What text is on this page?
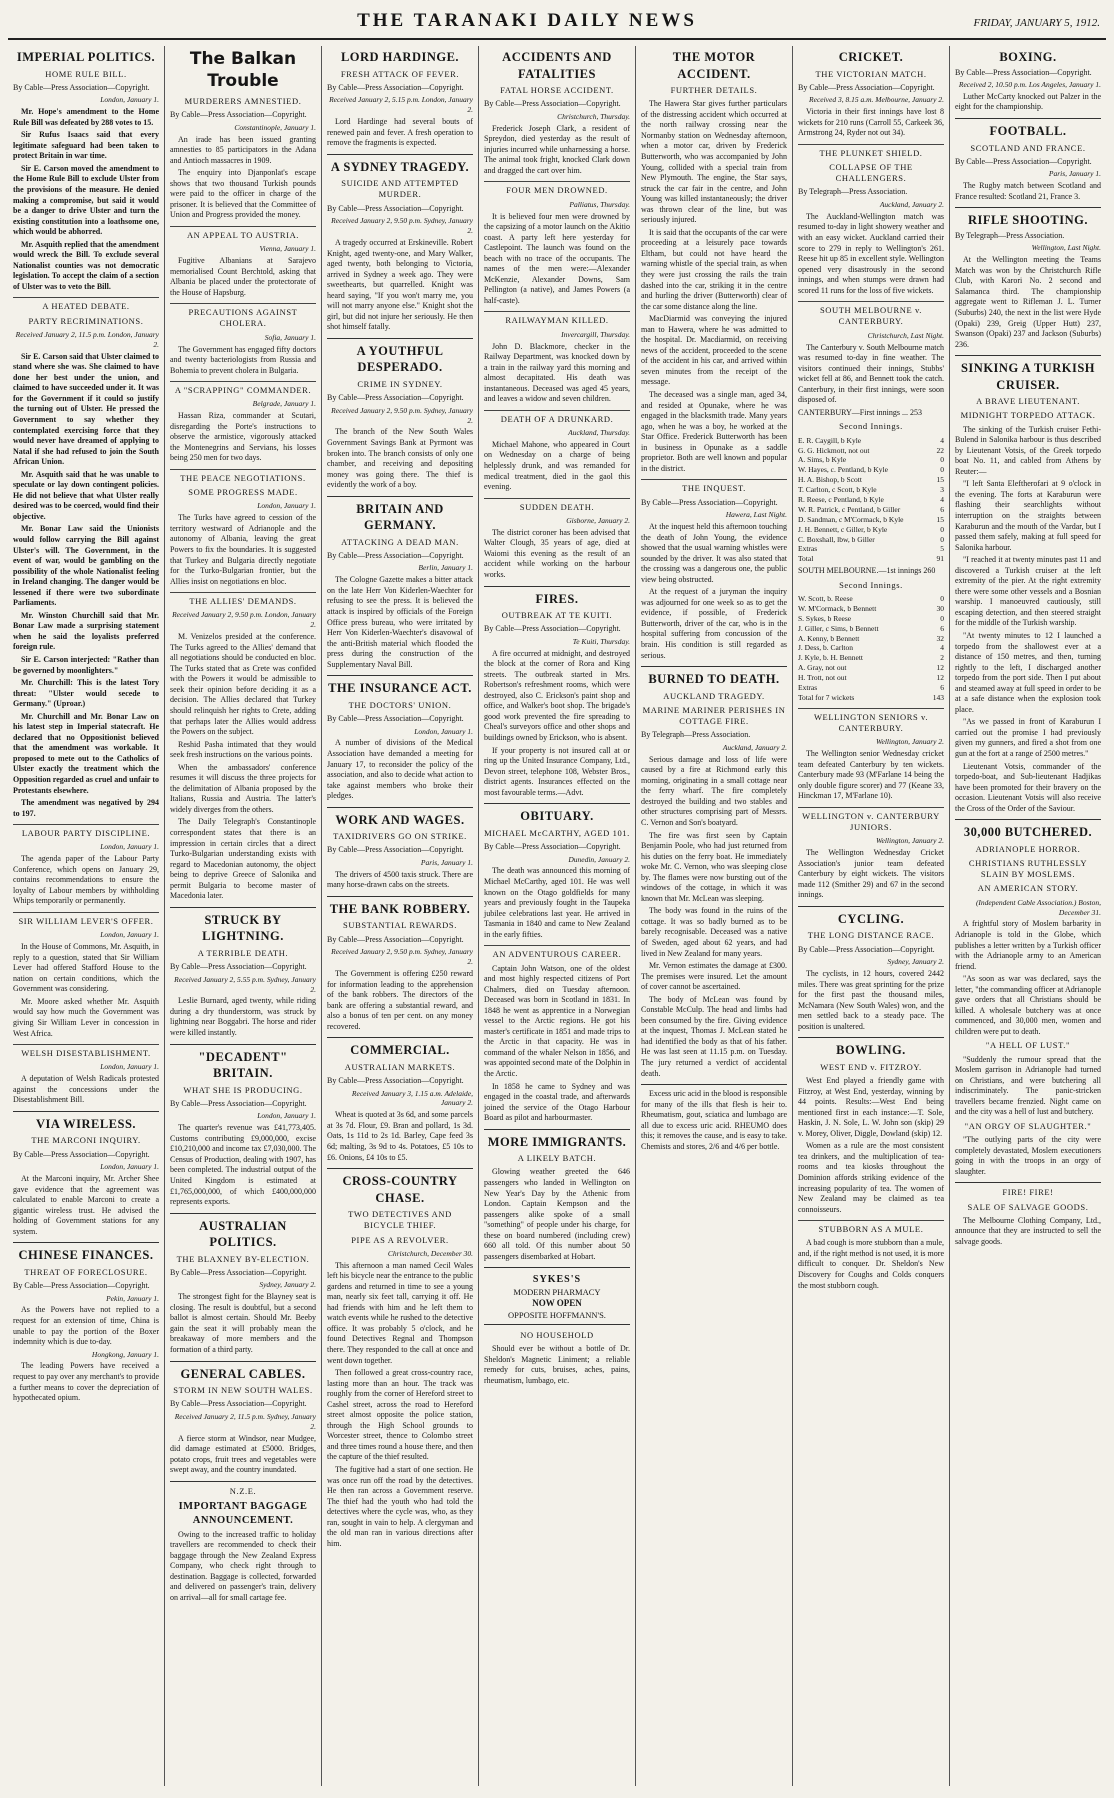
THE TARANAKI DAILY NEWS	FRIDAY, JANUARY 5, 1912.
IMPERIAL POLITICS.
HOME RULE BILL.
By Cable—Press Association—Copyright.
London, January 1.

Mr. Hope's amendment to the Home Rule Bill was defeated by 288 votes to 15.

Sir Rufus Isaacs said that every legitimate safeguard had been taken to protect Britain in war time.

Sir E. Carson moved the amendment to the Home Rule Bill to exclude Ulster from the provisions of the measure. He denied making a compromise, but said it would be a danger to drive Ulster and turn the existing constitution into a loathsome one, which would be abhorred.

Mr. Asquith replied that the amendment would wreck the Bill. To exclude several Nationalist counties was not democratic legislation. To accept the claim of a section of Ulster was to veto the Bill.

A HEATED DEBATE.
PARTY RECRIMINATIONS.
Received January 2, 11.5 p.m. London, January 2.

Sir E. Carson said that Ulster claimed to stand where she was. She claimed to have done her best under the union, and claimed to have succeeded under it. It was for the Government if it could so justify the turning out of Ulster. He pressed the Government to say whether they contemplated exercising force that they would never have dreamed of applying to Natal if she had refused to join the South African Union.

Mr. Asquith said that he was unable to speculate or lay down contingent policies. He did not believe that what Ulster really desired was to be coerced, would find their objective.

Mr. Bonar Law said the Unionists would follow carrying the Bill against Ulster's will. The Government, in the event of war, would be gambling on the possibility of the whole Nationalist feeling in Ireland changing. The danger would be lessened if there were two subordinate Parliaments.

Mr. Winston Churchill said that Mr. Bonar Law made a surprising statement when he said the loyalists preferred foreign rule.

Sir E. Carson interjected: "Rather than be governed by moonlighters."

Mr. Churchill: This is the latest Tory threat: "Ulster would secede to Germany." (Uproar.)

Mr. Churchill and Mr. Bonar Law on his latest step in Imperial statecraft. He declared that no Oppositionist believed that the amendment was workable. It proposed to mete out to the Catholics of Ulster exactly the treatment which the Opposition regarded as cruel and unfair to Protestants elsewhere.

The amendment was negatived by 294 to 197.

LABOUR PARTY DISCIPLINE.
London, January 1.

The agenda paper of the Labour Party Conference, which opens on January 29, contains recommendations to ensure the loyalty of Labour members by withholding Whips temporarily or permanently.

SIR WILLIAM LEVER'S OFFER.
London, January 1.

In the House of Commons, Mr. Asquith, in reply to a question, stated that Sir William Lever had offered Stafford House to the nation on certain conditions, which the Government was considering.

Mr. Moore asked whether Mr. Asquith would say how much the Government was giving Sir William Lever in concession in West Africa.

WELSH DISESTABLISHMENT.
London, January 1.

A deputation of Welsh Radicals protested against the concessions under the Disestablishment Bill.

VIA WIRELESS.
THE MARCONI INQUIRY.
By Cable—Press Association—Copyright.
London, January 1.

At the Marconi inquiry, Mr. Archer Shee gave evidence that the agreement was calculated to enable Marconi to create a gigantic wireless trust. He advised the holding of Government stations for any system.

CHINESE FINANCES.
THREAT OF FORECLOSURE.
By Cable—Press Association—Copyright.
Pekin, January 1.

As the Powers have not replied to a request for an extension of time, China is unable to pay the portion of the Boxer indemnity which is due to-day.

Hongkong, January 1.

The leading Powers have received a request to pay over any merchant's to provide a further means to cover the depreciation of hypothecated opium.

The Balkan Trouble
MURDERERS AMNESTIED.
By Cable—Press Association—Copyright.
Constantinople, January 1.

An irade has been issued granting amnesties to 85 participators in the Adana and Antioch massacres in 1909.

The enquiry into Djanponlat's escape shows that two thousand Turkish pounds were paid to the officer in charge of the prisoner. It is believed that the Committee of Union and Progress provided the money.

AN APPEAL TO AUSTRIA.
Vienna, January 1.

Fugitive Albanians at Sarajevo memorialised Count Berchtold, asking that Albania be placed under the protectorate of the House of Hapsburg.

PRECAUTIONS AGAINST CHOLERA.
Sofia, January 1.

The Government has engaged fifty doctors and twenty bacteriologists from Russia and Bohemia to prevent cholera in Bulgaria.

A "SCRAPPING" COMMANDER.
Belgrade, January 1.

Hassan Riza, commander at Scutari, disregarding the Porte's instructions to observe the armistice, vigorously attacked the Montenegrins and Servians, his losses being 250 men for two days.

THE PEACE NEGOTIATIONS.
SOME PROGRESS MADE.
London, January 1.

The Turks have agreed to cession of the territory westward of Adrianople and the autonomy of Albania, leaving the great Powers to fix the boundaries. It is suggested that Turkey and Bulgaria directly negotiate for the Turko-Bulgarian frontier, but the Allies insist on negotiations en bloc.

THE ALLIES' DEMANDS.
Received January 2, 9.50 p.m. London, January 2.

M. Venizelos presided at the conference. The Turks agreed to the Allies' demand that all negotiations should be conducted en bloc. The Turks stated that as Crete was confided with the Powers it would be admissible to seek their opinion before deciding it as a decision. The Allies declared that Turkey should relinquish her rights to Crete, adding that perhaps later the Allies would address the Powers on the subject.

Reshid Pasha intimated that they would seek fresh instructions on the various points.

When the ambassadors' conference resumes it will discuss the three projects for the delimitation of Albania proposed by the Italians, Russia and Austria. The latter's widely diverges from the others.

The Daily Telegraph's Constantinople correspondent states that there is an impression in certain circles that a direct Turko-Bulgarian understanding exists with regard to Macedonian autonomy, the object being to deprive Greece of Salonika and permit Bulgaria to become master of Macedonia later.

STRUCK BY LIGHTNING.
A TERRIBLE DEATH.
By Cable—Press Association—Copyright.
Received January 2, 5.55 p.m. Sydney, January 2.

Leslie Burnard, aged twenty, while riding during a dry thunderstorm, was struck by lightning near Boggabri. The horse and rider were killed instantly.

"DECADENT" BRITAIN.
WHAT SHE IS PRODUCING.
By Cable—Press Association—Copyright.
London, January 1.

The quarter's revenue was £41,773,405. Customs contributing £9,000,000, excise £10,210,000 and income tax £7,030,000. The Census of Production, dealing with 1907, has been completed. The industrial output of the United Kingdom is estimated at £1,765,000,000, of which £400,000,000 represents exports.

AUSTRALIAN POLITICS.
THE BLAXNEY BY-ELECTION.
By Cable—Press Association—Copyright.
Sydney, January 2.

The strongest fight for the Blayney seat is closing. The result is doubtful, but a second ballot is almost certain. Should Mr. Beeby gain the seat it will probably mean the breakaway of more members and the formation of a third party.

GENERAL CABLES.
STORM IN NEW SOUTH WALES.
By Cable—Press Association—Copyright.
Received January 2, 11.5 p.m. Sydney, January 2.

A fierce storm at Windsor, near Mudgee, did damage estimated at £5000. Bridges, potato crops, fruit trees and vegetables were swept away, and the country inundated.

N.Z.E.
IMPORTANT BAGGAGE ANNOUNCEMENT.

Owing to the increased traffic to holiday travellers are recommended to check their baggage through the New Zealand Express Company, who check right through to destination. Baggage is collected, forwarded and delivered on passenger's train, delivery on arrival—all for small cartage fee.

LORD HARDINGE.
FRESH ATTACK OF FEVER.
By Cable—Press Association—Copyright.
Received January 2, 5.15 p.m. London, January 2.

Lord Hardinge had several bouts of renewed pain and fever. A fresh operation to remove the fragments is expected.

A SYDNEY TRAGEDY.
SUICIDE AND ATTEMPTED MURDER.
By Cable—Press Association—Copyright.
Received January 2, 9.50 p.m. Sydney, January 2.

A tragedy occurred at Erskineville. Robert Knight, aged twenty-one, and Mary Walker, aged twenty, both belonging to Victoria, arrived in Sydney a week ago. They were sweethearts, but quarrelled. Knight was heard saying, "If you won't marry me, you will not marry anyone else." Knight shot the girl, but did not injure her seriously. He then shot himself fatally.

A YOUTHFUL DESPERADO.
CRIME IN SYDNEY.
By Cable—Press Association—Copyright.
Received January 2, 9.50 p.m. Sydney, January 2.

The branch of the New South Wales Government Savings Bank at Pyrmont was broken into. The branch consists of only one chamber, and receiving and depositing money was going there. The thief is evidently the work of a boy.

BRITAIN AND GERMANY.
ATTACKING A DEAD MAN.
By Cable—Press Association—Copyright.
Berlin, January 1.

The Cologne Gazette makes a bitter attack on the late Herr Von Kiderlen-Waechter for refusing to see the press. It is believed the attack is inspired by officials of the Foreign Office press bureau, who were irritated by Herr Von Kiderlen-Waechter's disavowal of the anti-British material which flooded the press during the construction of the Supplementary Naval Bill.

THE INSURANCE ACT.
THE DOCTORS' UNION.
By Cable—Press Association—Copyright.
London, January 1.

A number of divisions of the Medical Association have demanded a meeting for January 17, to reconsider the policy of the association, and also to decide what action to take against members who broke their pledges.

WORK AND WAGES.
TAXIDRIVERS GO ON STRIKE.
By Cable—Press Association—Copyright.
Paris, January 1.

The drivers of 4500 taxis struck. There are many horse-drawn cabs on the streets.

THE BANK ROBBERY.
SUBSTANTIAL REWARDS.
By Cable—Press Association—Copyright.
Received January 2, 9.50 p.m. Sydney, January 2.

The Government is offering £250 reward for information leading to the apprehension of the bank robbers. The directors of the bank are offering a substantial reward, and also a bonus of ten per cent. on any money recovered.

COMMERCIAL.
AUSTRALIAN MARKETS.
By Cable—Press Association—Copyright.
Received January 3, 1.15 a.m. Adelaide, January 2.

Wheat is quoted at 3s 6d, and some parcels at 3s 7d. Flour, £9. Bran and pollard, 1s 3d. Oats, 1s 11d to 2s 1d. Barley, Cape feed 3s 6d; malting, 3s 9d to 4s. Potatoes, £5 10s to £6. Onions, £4 10s to £5.

CROSS-COUNTRY CHASE.
TWO DETECTIVES AND BICYCLE THIEF.
PIPE AS A REVOLVER.
Christchurch, December 30.

This afternoon a man named Cecil Wales left his bicycle near the entrance to the public gardens and returned in time to see a young man, nearly six feet tall, carrying it off. He had friends with him and he left them to watch events while he rushed to the detective office. It was probably 5 o'clock, and he found Detectives Regnal and Thompson there. They responded to the call at once and went down together.

Then followed a great cross-country race, lasting more than an hour. The track was roughly from the corner of Hereford street to Cashel street, across the road to Hereford street almost opposite the police station, through the High School grounds to Worcester street, thence to Colombo street and three times round a house there, and then the capture of the thief resulted.

The fugitive had a start of one section. He was once run off the road by the detectives. He then ran across a Government reserve. The thief had the youth who had told the detectives where the cycle was, who, as they ran, sought in vain to help. A clergyman and the old man ran in various directions after him.

ACCIDENTS AND FATALITIES
FATAL HORSE ACCIDENT.
By Cable—Press Association—Copyright.
Christchurch, Thursday.

Frederick Joseph Clark, a resident of Spreydon, died yesterday as the result of injuries incurred while unharnessing a horse. The animal took fright, knocked Clark down and dragged the cart over him.

FOUR MEN DROWNED.
Palliatus, Thursday.

It is believed four men were drowned by the capsizing of a motor launch on the Akitio coast. A party left here yesterday for Castlepoint. The launch was found on the beach with no trace of the occupants. The names of the men were:—Alexander McKenzie, Alexander Downs, Sam Pellington (a native), and James Powers (a half-caste).

RAILWAYMAN KILLED.
Invercargill, Thursday.

John D. Blackmore, checker in the Railway Department, was knocked down by a train in the railway yard this morning and almost decapitated. His death was instantaneous. Deceased was aged 45 years, and leaves a widow and seven children.

DEATH OF A DRUNKARD.
Auckland, Thursday.

Michael Mahone, who appeared in Court on Wednesday on a charge of being helplessly drunk, and was remanded for medical treatment, died in the gaol this evening.

SUDDEN DEATH.
Gisborne, January 2.

The district coroner has been advised that Walter Clough, 35 years of age, died at Waiomi this evening as the result of an accident while working on the harbour works.

FIRES.
OUTBREAK AT TE KUITI.
By Cable—Press Association—Copyright.
Te Kuiti, Thursday.

A fire occurred at midnight, and destroyed the block at the corner of Rora and King streets. The outbreak started in Mrs. Robertson's refreshment rooms, which were destroyed, also C. Erickson's paint shop and office, and Walker's boot shop. The brigade's good work prevented the fire spreading to Cheal's surveyors office and other shops and buildings owned by Erickson, who is absent.

If your property is not insured call at or ring up the United Insurance Company, Ltd., Devon street, telephone 108, Webster Bros., district agents. Insurances effected on the most favourable terms.—Advt.

OBITUARY.
MICHAEL McCARTHY, AGED 101.
By Cable—Press Association—Copyright.
Dunedin, January 2.

The death was announced this morning of Michael McCarthy, aged 101. He was well known on the Otago goldfields for many years and previously fought in the Taupeka jubilee celebrations last year. He arrived in Tasmania in 1840 and came to New Zealand in the early fifties.

AN ADVENTUROUS CAREER.

Captain John Watson, one of the oldest and most highly respected citizens of Port Chalmers, died on Tuesday afternoon. Deceased was born in Scotland in 1831. In 1848 he went as apprentice in a Norwegian vessel to the Arctic regions. He got his master's certificate in 1851 and made trips to the Arctic in that capacity. He was in command of the whaler Nelson in 1856, and was appointed second mate of the Dolphin in the Arctic.

In 1858 he came to Sydney and was engaged in the coastal trade, and afterwards joined the service of the Otago Harbour Board as pilot and harbourmaster.

MORE IMMIGRANTS.
A LIKELY BATCH.

Glowing weather greeted the 646 passengers who landed in Wellington on New Year's Day by the Athenic from London. Captain Kempson and the passengers alike spoke of a small "something" of people under his charge, for these on board numbered (including crew) 660 all told. Of this number about 50 passengers disembarked at Hobart.

SYKES'S
MODERN PHARMACY
NOW OPEN
OPPOSITE HOFFMANN'S.
NO HOUSEHOLD

Should ever be without a bottle of Dr. Sheldon's Magnetic Liniment; a reliable remedy for cuts, bruises, aches, pains, rheumatism, lumbago, etc.

THE MOTOR ACCIDENT.
FURTHER DETAILS.

The Hawera Star gives further particulars of the distressing accident which occurred at the north railway crossing near the Normanby station on Wednesday afternoon, when a motor car, driven by Frederick Butterworth, who was accompanied by John Young, collided with a special train from New Plymouth. The engine, the Star says, struck the car fair in the centre, and John Young was killed instantaneously; the driver was thrown clear of the line, but was seriously injured.

It is said that the occupants of the car were proceeding at a leisurely pace towards Eltham, but could not have heard the warning whistle of the special train, as when they were just crossing the rails the train dashed into the car, striking it in the centre and hurling the driver (Butterworth) clear of the car some distance along the line.

MacDiarmid was conveying the injured man to Hawera, where he was admitted to the hospital. Dr. Macdiarmid, on receiving news of the accident, proceeded to the scene of the accident in his car, and arrived within seven minutes from the receipt of the message.

The deceased was a single man, aged 34, and resided at Opunake, where he was engaged in the blacksmith trade. Many years ago, when he was a boy, he worked at the Star Office. Frederick Butterworth has been in business in Opunake as a saddle proprietor. Both are well known and popular in the district.

THE INQUEST.
By Cable—Press Association—Copyright.
Hawera, Last Night.

At the inquest held this afternoon touching the death of John Young, the evidence showed that the usual warning whistles were sounded by the driver. It was also stated that the crossing was a dangerous one, the public view being obstructed.

At the request of a juryman the inquiry was adjourned for one week so as to get the evidence, if possible, of Frederick Butterworth, driver of the car, who is in the hospital suffering from concussion of the brain. His condition is still regarded as serious.

BURNED TO DEATH.
AUCKLAND TRAGEDY.
MARINE MARINER PERISHES IN COTTAGE FIRE.
By Telegraph—Press Association.
Auckland, January 2.

Serious damage and loss of life were caused by a fire at Richmond early this morning, originating in a small cottage near the ferry wharf. The fire completely destroyed the building and two stables and other structures comprising part of Messrs. C. Vernon and Son's boatyard.

The fire was first seen by Captain Benjamin Poole, who had just returned from his duties on the ferry boat. He immediately woke Mr. C. Vernon, who was sleeping close by. The flames were now bursting out of the windows of the cottage, in which it was known that Mr. McLean was sleeping.

The body was found in the ruins of the cottage. It was so badly burned as to be barely recognisable. Deceased was a native of Sweden, aged about 62 years, and had lived in New Zealand for many years.

Mr. Vernon estimates the damage at £300. The premises were insured. Let the amount of cover cannot be ascertained.

The body of McLean was found by Constable McCulp. The head and limbs had been consumed by the fire. Giving evidence at the inquest, Thomas J. McLean stated he had identified the body as that of his father. He was last seen at 11.15 p.m. on Tuesday. The jury returned a verdict of accidental death.

Excess uric acid in the blood is responsible for many of the ills that flesh is heir to. Rheumatism, gout, sciatica and lumbago are all due to excess uric acid. RHEUMO does this; it removes the cause, and is easy to take. Chemists and stores, 2/6 and 4/6 per bottle.

CRICKET.
THE VICTORIAN MATCH.
By Cable—Press Association—Copyright.
Received 3, 8.15 a.m. Melbourne, January 2.

Victoria in their first innings have lost 8 wickets for 210 runs (Carroll 55, Carkeek 36, Armstrong 24, Ryder not out 34).

THE PLUNKET SHIELD.
COLLAPSE OF THE CHALLENGERS.
By Telegraph—Press Association.
Auckland, January 2.

The Auckland-Wellington match was resumed to-day in light showery weather and with an easy wicket. Auckland carried their score to 279 in reply to Wellington's 261. Reese hit up 85 in excellent style. Wellington opened very disastrously in the second innings, and when stumps were drawn had scored 11 runs for the loss of five wickets.

SOUTH MELBOURNE v. CANTERBURY.
Christchurch, Last Night.

The Canterbury v. South Melbourne match was resumed to-day in fine weather. The visitors continued their innings, Stubbs' wicket fell at 86, and Bennett took the catch. Canterbury, in their first innings, were soon disposed of.

CANTERBURY—First innings ... 253
Second Innings.
E. R. Caygill, b Kyle	4
G. G. Hickmott, not out	22
A. Sims, b Kyle	0
W. Hayes, c. Pentland, b Kyle	0
H. A. Bishop, b Scott	15
T. Carlton, c Scott, b Kyle	3
R. Reese, c Pentland, b Kyle	4
W. R. Patrick, c Pentland, b Giller	6
D. Sandman, c M'Cormack, b Kyle	15
J. H. Bennett, c Giller, b Kyle	0
C. Boxshall, lbw, b Giller	0
Extras	5
Total	91
SOUTH MELBOURNE.—1st innings 260
Second Innings.
W. Scott, b. Reese	0
W. M'Cormack, b Bennett	30
S. Sykes, b Reese	0
J. Giller, c Sims, b Bennett	6
A. Kenny, b Bennett	32
J. Dess, b. Carlton	4
J. Kyle, b. H. Bennett	2
A. Gray, not out	12
H. Trott, not out	12
Extras	6
Total for 7 wickets	143
WELLINGTON SENIORS v. CANTERBURY.
Wellington, January 2.

The Wellington senior Wednesday cricket team defeated Canterbury by ten wickets. Canterbury made 93 (M'Farlane 14 being the only double figure scorer) and 77 (Keane 33, Hinckman 17, M'Farlane 10).

WELLINGTON v. CANTERBURY JUNIORS.
Wellington, January 2.

The Wellington Wednesday Cricket Association's junior team defeated Canterbury by eight wickets. The visitors made 112 (Smither 29) and 67 in the second innings.

CYCLING.
THE LONG DISTANCE RACE.
By Cable—Press Association—Copyright.
Sydney, January 2.

The cyclists, in 12 hours, covered 2442 miles. There was great sprinting for the prize for the first past the thousand miles, McNamara (New South Wales) won, and the men settled back to a steady pace. The position is unaltered.

BOWLING.
WEST END v. FITZROY.

West End played a friendly game with Fitzroy, at West End, yesterday, winning by 44 points. Results:—West End being mentioned first in each instance:—T. Sole, Haskin, J. N. Sole, L. W. John son (skip) 29 v. Morey, Oliver, Diggle, Dowland (skip) 12.

Women as a rule are the most consistent tea drinkers, and the multiplication of tea-rooms and tea kiosks throughout the Dominion affords striking evidence of the increasing popularity of tea. The women of New Zealand may be claimed as tea connoisseurs.

STUBBORN AS A MULE.

A bad cough is more stubborn than a mule, and, if the right method is not used, it is more difficult to conquer. Dr. Sheldon's New Discovery for Coughs and Colds conquers the most stubborn cough.

BOXING.
By Cable—Press Association—Copyright.
Received 2, 10.50 p.m. Los Angeles, January 1.

Luther McCarty knocked out Palzer in the eight for the championship.

FOOTBALL.
SCOTLAND AND FRANCE.
By Cable—Press Association—Copyright.
Paris, January 1.

The Rugby match between Scotland and France resulted: Scotland 21, France 3.

RIFLE SHOOTING.
By Telegraph—Press Association.
Wellington, Last Night.

At the Wellington meeting the Teams Match was won by the Christchurch Rifle Club, with Karori No. 2 second and Salamanca third. The championship aggregate went to Rifleman J. L. Turner (Suburbs) 240, the next in the list were Hyde (Opaki) 239, Greig (Upper Hutt) 237, Swanson (Opaki) 237 and Jackson (Suburbs) 236.

SINKING A TURKISH CRUISER.
A BRAVE LIEUTENANT.
MIDNIGHT TORPEDO ATTACK.

The sinking of the Turkish cruiser Fethi-Bulend in Salonika harbour is thus described by Lieutenant Votsis, of the Greek torpedo boat No. 11, and cabled from Athens by Reuter:—

"I left Santa Eleftherofari at 9 o'clock in the evening. The forts at Karaburun were flashing their searchlights without interruption on the straights between Karaburun and the mouth of the Vardar, but I passed them safely, making at full speed for Salonika harbour.

"I reached it at twenty minutes past 11 and discovered a Turkish cruiser at the left extremity of the pier. At the right extremity there were some other vessels and a Bosnian warship. I manoeuvred cautiously, still escaping detection, and then steered straight for the middle of the Turkish warship.

"At twenty minutes to 12 I launched a torpedo from the shallowest ever at a distance of 150 metres, and then, turning rightly to the left, I discharged another torpedo from the port side. Then I put about and steamed away at full speed in order to be at a safe distance when the explosion took place.

"As we passed in front of Karaburun I carried out the promise I had previously given my gunners, and fired a shot from one gun at the fort at a range of 2500 metres."

Lieutenant Votsis, commander of the torpedo-boat, and Sub-lieutenant Hadjikas have been promoted for their bravery on the occasion. Lieutenant Votsis will also receive the Cross of the Order of the Saviour.

30,000 BUTCHERED.
ADRIANOPLE HORROR.
CHRISTIANS RUTHLESSLY SLAIN BY MOSLEMS.
AN AMERICAN STORY.
(Independent Cable Association.) Boston, December 31.

A frightful story of Moslem barbarity in Adrianople is told in the Globe, which publishes a letter written by a Turkish officer with the Adrianople army to an American friend.

"As soon as war was declared, says the letter, "the commanding officer at Adrianople gave orders that all Christians should be killed. A wholesale butchery was at once commenced, and 30,000 men, women and children were put to death.

"A HELL OF LUST."

"Suddenly the rumour spread that the Moslem garrison in Adrianople had turned on Christians, and were butchering all indiscriminately. The panic-stricken travellers became frenzied. Night came on and the city was a hell of lust and butchery.

"AN ORGY OF SLAUGHTER."

"The outlying parts of the city were completely devastated, Moslem executioners going in with the troops in an orgy of slaughter.

FIRE! FIRE!
SALE OF SALVAGE GOODS.

The Melbourne Clothing Company, Ltd., announce that they are instructed to sell the salvage goods.
